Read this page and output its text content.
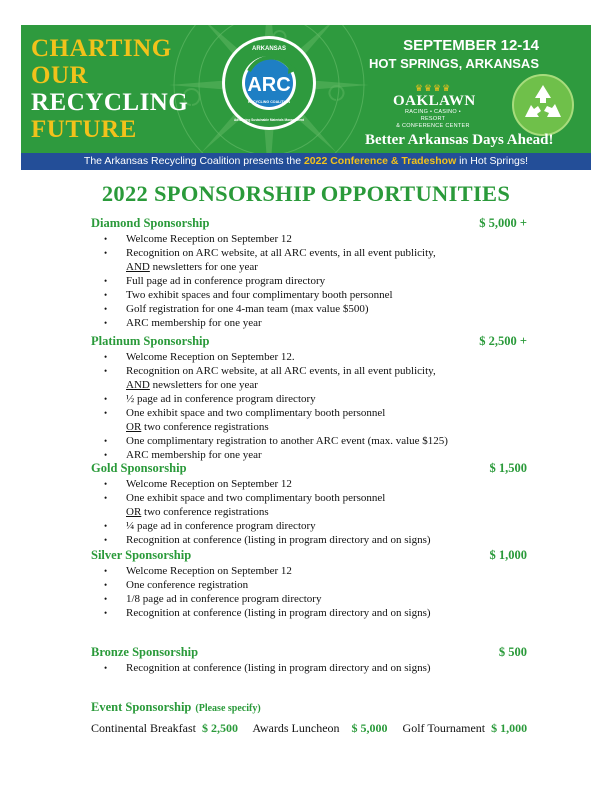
CHARTING
OUR
RECYCLING
FUTURE
ARKANSAS
ARC
RECYCLING COALITION
Advancing Sustainable Materials Management
SEPTEMBER 12-14
HOT SPRINGS, ARKANSAS
♛♛♛♛
OAKLAWN
RACING • CASINO • RESORT
& CONFERENCE CENTER
Better Arkansas Days Ahead!
The Arkansas Recycling Coalition presents the 2022 Conference & Tradeshow in Hot Springs!
2022 SPONSORSHIP OPPORTUNITIES
Diamond Sponsorship	$ 5,000 +
• Welcome Reception on September 12
• Recognition on ARC website, at all ARC events, in all event publicity,
AND newsletters for one year
• Full page ad in conference program directory
• Two exhibit spaces and four complimentary booth personnel
• Golf registration for one 4-man team (max value $500)
• ARC membership for one year
Platinum Sponsorship	$ 2,500 +
• Welcome Reception on September 12.
• Recognition on ARC website, at all ARC events, in all event publicity,
AND newsletters for one year
• ½ page ad in conference program directory
• One exhibit space and two complimentary booth personnel
OR two conference registrations
• One complimentary registration to another ARC event (max. value $125)
• ARC membership for one year
Gold Sponsorship	$ 1,500
• Welcome Reception on September 12
• One exhibit space and two complimentary booth personnel
OR two conference registrations
• ¼ page ad in conference program directory
• Recognition at conference (listing in program directory and on signs)
Silver Sponsorship	$ 1,000
• Welcome Reception on September 12
• One conference registration
• 1/8 page ad in conference program directory
• Recognition at conference (listing in program directory and on signs)
Bronze Sponsorship	$ 500
• Recognition at conference (listing in program directory and on signs)
Event Sponsorship (Please specify)
Continental Breakfast $ 2,500 Awards Luncheon $ 5,000 Golf Tournament $ 1,000
